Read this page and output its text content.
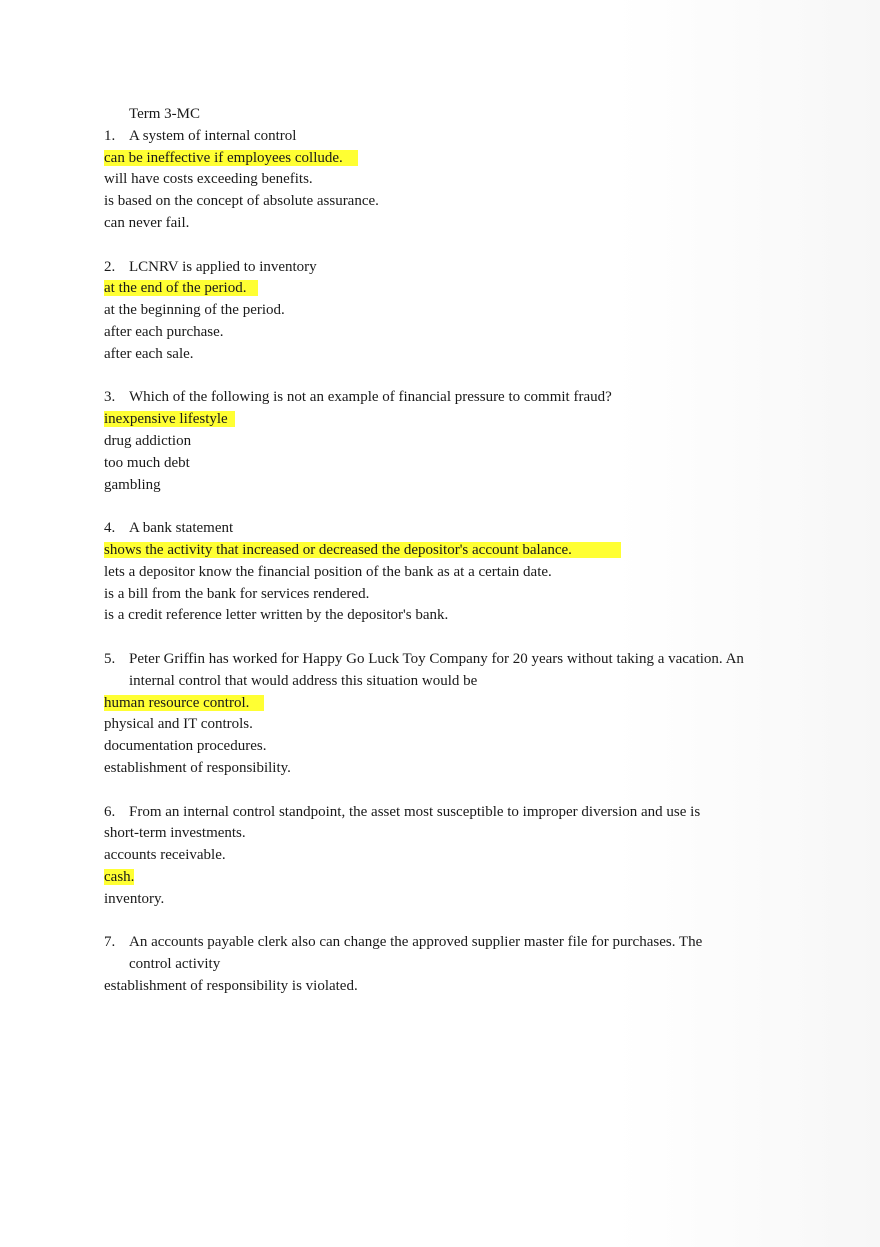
Term 3-MC
1. A system of internal control
can be ineffective if employees collude.
will have costs exceeding benefits.
is based on the concept of absolute assurance.
can never fail.
2. LCNRV is applied to inventory
at the end of the period.
at the beginning of the period.
after each purchase.
after each sale.
3. Which of the following is not an example of financial pressure to commit fraud?
inexpensive lifestyle
drug addiction
too much debt
gambling
4. A bank statement
shows the activity that increased or decreased the depositor's account balance.
lets a depositor know the financial position of the bank as at a certain date.
is a bill from the bank for services rendered.
is a credit reference letter written by the depositor's bank.
5. Peter Griffin has worked for Happy Go Luck Toy Company for 20 years without taking a vacation. An internal control that would address this situation would be
human resource control.
physical and IT controls.
documentation procedures.
establishment of responsibility.
6. From an internal control standpoint, the asset most susceptible to improper diversion and use is
short-term investments.
accounts receivable.
cash.
inventory.
7. An accounts payable clerk also can change the approved supplier master file for purchases. The control activity
establishment of responsibility is violated.
